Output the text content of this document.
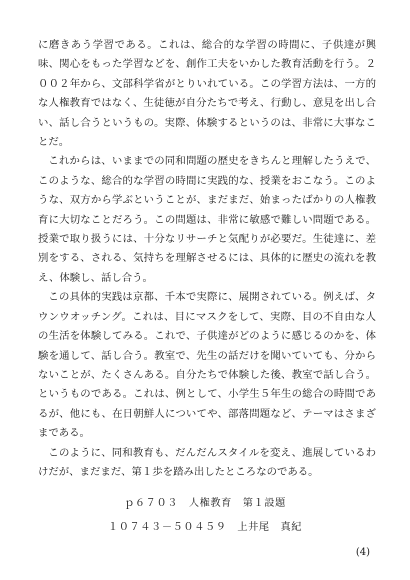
に磨きあう学習である。これは、総合的な学習の時間に、子供達が興味、関心をもった学習などを、創作工夫をいかした教育活動を行う。２００２年から、文部科学省がとりいれている。この学習方法は、一方的な人権教育ではなく、生徒徳が自分たちで考え、行動し、意見を出し合い、話し合うというもの。実際、体験するというのは、非常に大事なことだ。

これからは、いままでの同和問題の歴史をきちんと理解したうえで、このような、総合的な学習の時間に実践的な、授業をおこなう。このような、双方から学ぶということが、まだまだ、始まったばかりの人権教育に大切なことだろう。この問題は、非常に敏感で難しい問題である。授業で取り扱うには、十分なリサーチと気配りが必要だ。生徒達に、差別をする、される、気持ちを理解させるには、具体的に歴史の流れを教え、体験し、話し合う。

この具体的実践は京都、千本で実際に、展開されている。例えば、タウンウオッチング。これは、目にマスクをして、実際、目の不自由な人の生活を体験してみる。これで、子供達がどのように感じるのかを、体験を通して、話し合う。教室で、先生の話だけを聞いていても、分からないことが、たくさんある。自分たちで体験した後、教室で話し合う。というものである。これは、例として、小学生５年生の総合の時間であるが、他にも、在日朝鮮人についてや、部落問題など、テーマはさまざまである。

このように、同和教育も、だんだんスタイルを変え、進展しているわけだが、まだまだ、第１歩を踏み出したところなのである。

ｐ６７０３　人権教育　第１設題
１０７４３－５０４５９　上井尾　真紀
(4)
